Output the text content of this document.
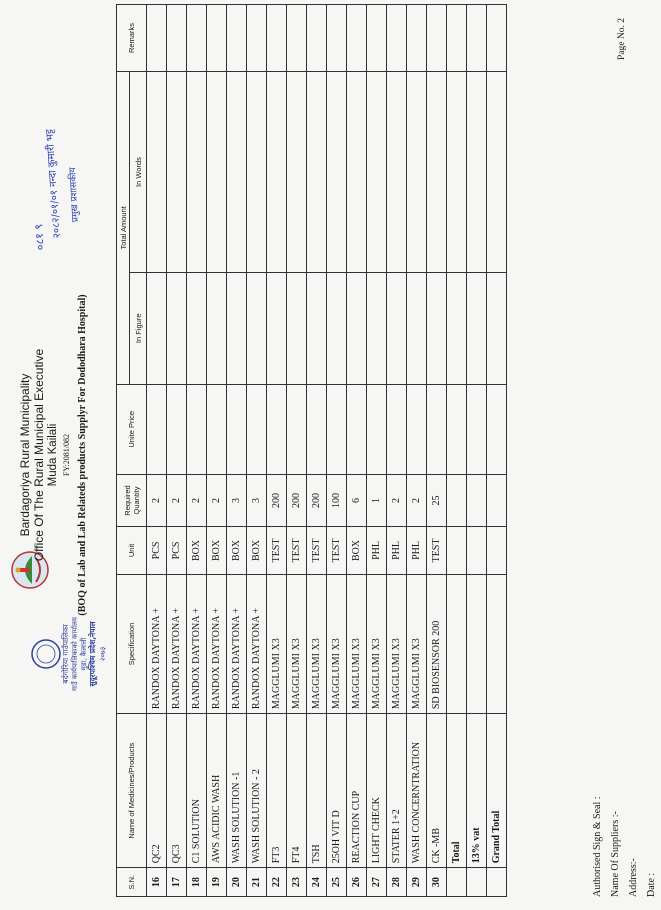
बर्दगोरिया गाउँपालिका गाउँ कार्यपालिकाको कार्यालय मुडा, कैलाली सुदूरपश्चिम प्रदेश,नेपाल २०७३
Bardagoriya Rural Municipality Office Of The Rural Municipal Executive Muda Kailali FY:2081/082 (BOQ of Lab and Lab Relateds products Supplyr For Dododhara Hospital)
०८१ ९
२०८२/०१/०१ नन्दा कुमारी भट्ट प्रमुख प्रशासकीय
S.N.	Name of Medicines/Products	Specification	Unit	Required Quantity	Unite Price	Total Amount		Remarks
						In Figure	In Words	
16	QC2	RANDOX DAYTONA +	PCS	2				
17	QC3	RANDOX DAYTONA +	PCS	2				
18	C1 SOLUTION	RANDOX DAYTONA +	BOX	2				
19	AWS ACIDIC WASH	RANDOX DAYTONA +	BOX	2				
20	WASH SOLUTION -1	RANDOX DAYTONA +	BOX	3				
21	WASH SOLUTION - 2	RANDOX DAYTONA +	BOX	3				
22	FT3	MAGGLUMI X3	TEST	200				
23	FT4	MAGGLUMI X3	TEST	200				
24	TSH	MAGGLUMI X3	TEST	200				
25	25OH VIT D	MAGGLUMI X3	TEST	100				
26	REACTION CUP	MAGGLUMI X3	BOX	6				
27	LIGHT CHECK	MAGGLUMI X3	PHL	1				
28	STATER 1+2	MAGGLUMI X3	PHL	2				
29	WASH CONCERNTRATION	MAGGLUMI X3	PHL	2				
30	CK -MB	SD BIOSENSOR 200	TEST	25				
	Total							
	13% vat							
	Grand Total								Authorised Sign & Seal : Name Of Suppliers :- Address:- Date :
Page No. 2
